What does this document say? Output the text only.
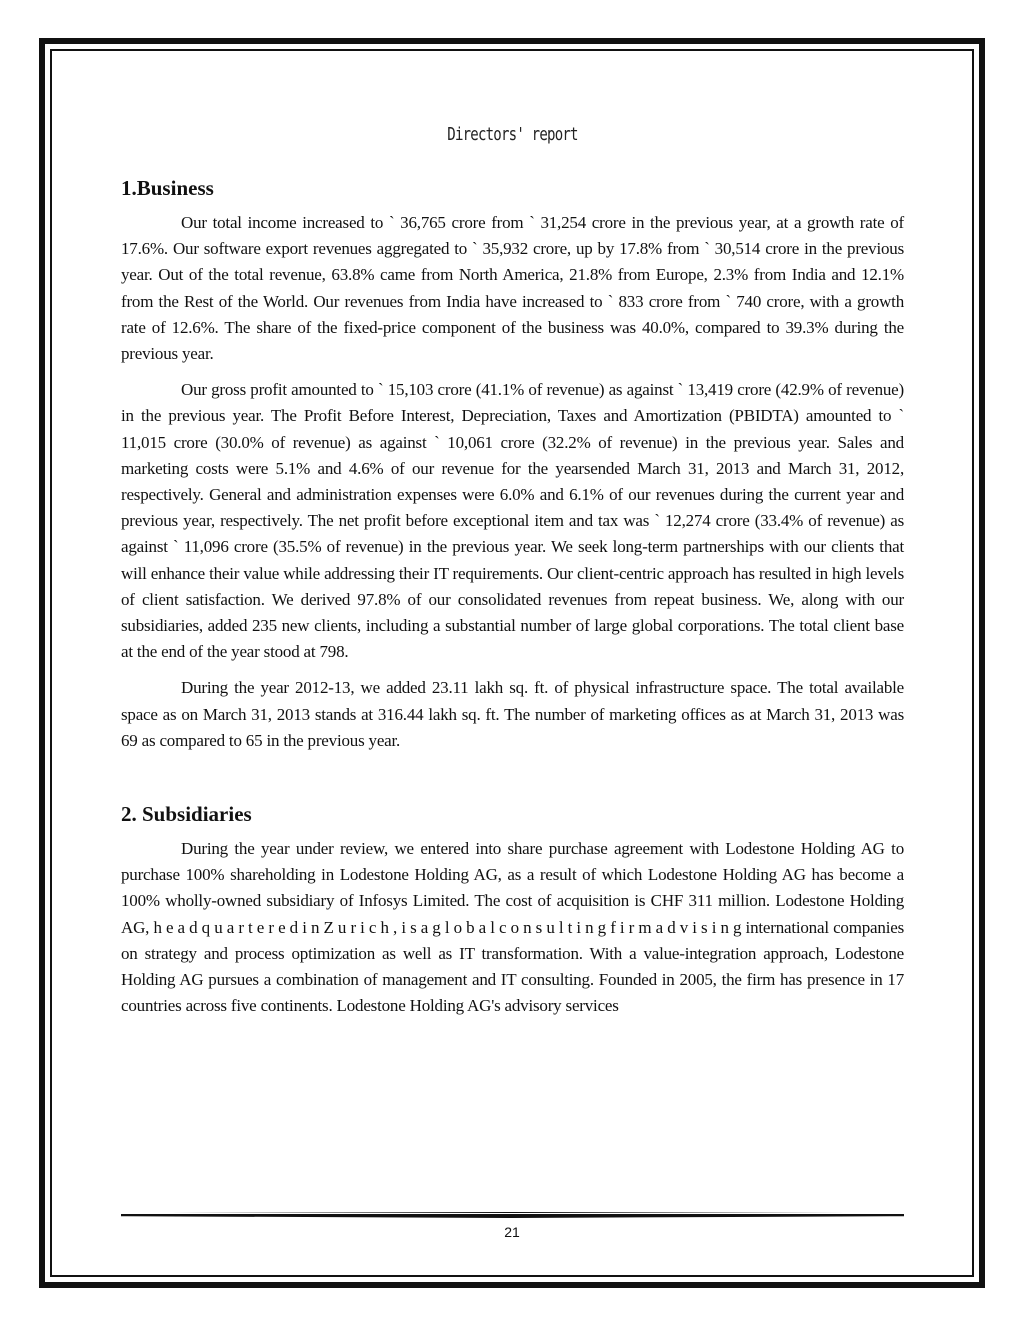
Directors' report
1.Business

Our total income increased to ` 36,765 crore from ` 31,254 crore in the previous year, at a growth rate of 17.6%. Our software export revenues aggregated to ` 35,932 crore, up by 17.8% from ` 30,514 crore in the previous year. Out of the total revenue, 63.8% came from North America, 21.8% from Europe, 2.3% from India and 12.1% from the Rest of the World. Our revenues from India have increased to ` 833 crore from ` 740 crore, with a growth rate of 12.6%. The share of the fixed-price component of the business was 40.0%, compared to 39.3% during the previous year.

Our gross profit amounted to ` 15,103 crore (41.1% of revenue) as against ` 13,419 crore (42.9% of revenue) in the previous year. The Profit Before Interest, Depreciation, Taxes and Amortization (PBIDTA) amounted to ` 11,015 crore (30.0% of revenue) as against ` 10,061 crore (32.2% of revenue) in the previous year. Sales and marketing costs were 5.1% and 4.6% of our revenue for the yearsended March 31, 2013 and March 31, 2012, respectively. General and administration expenses were 6.0% and 6.1% of our revenues during the current year and previous year, respectively. The net profit before exceptional item and tax was ` 12,274 crore (33.4% of revenue) as against ` 11,096 crore (35.5% of revenue) in the previous year. We seek long-term partnerships with our clients that will enhance their value while addressing their IT requirements. Our client-centric approach has resulted in high levels of client satisfaction. We derived 97.8% of our consolidated revenues from repeat business. We, along with our subsidiaries, added 235 new clients, including a substantial number of large global corporations. The total client base at the end of the year stood at 798.

During the year 2012-13, we added 23.11 lakh sq. ft. of physical infrastructure space. The total available space as on March 31, 2013 stands at 316.44 lakh sq. ft. The number of marketing offices as at March 31, 2013 was 69 as compared to 65 in the previous year.

2. Subsidiaries

During the year under review, we entered into share purchase agreement with Lodestone Holding AG to purchase 100% shareholding in Lodestone Holding AG, as a result of which Lodestone Holding AG has become a 100% wholly-owned subsidiary of Infosys Limited. The cost of acquisition is CHF 311 million. Lodestone Holding AG, h e a d q u a r t e r e d i n Z u r i c h , i s a g l o b a l c o n s u l t i n g f i r m a d v i s i n g international companies on strategy and process optimization as well as IT transformation. With a value-integration approach, Lodestone Holding AG pursues a combination of management and IT consulting. Founded in 2005, the firm has presence in 17 countries across five continents. Lodestone Holding AG's advisory services

21
